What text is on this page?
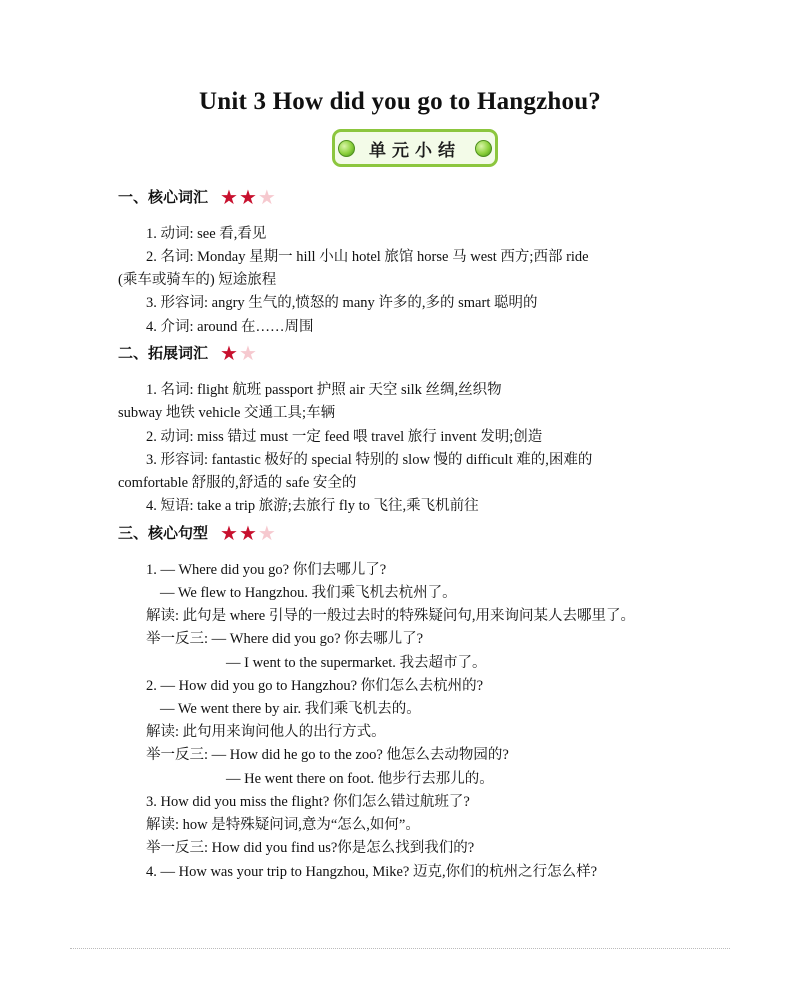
Unit 3 How did you go to Hangzhou?
单元小结
一、核心词汇 ★ ★ ★
1. 动词: see 看,看见
2. 名词: Monday 星期一 hill 小山 hotel 旅馆 horse 马 west 西方;西部 ride
(乘车或骑车的) 短途旅程
3. 形容词: angry 生气的,愤怒的 many 许多的,多的 smart 聪明的
4. 介词: around 在……周围
二、拓展词汇 ★ ★
1. 名词: flight 航班 passport 护照 air 天空 silk 丝绸,丝织物
subway 地铁 vehicle 交通工具;车辆
2. 动词: miss 错过 must 一定 feed 喂 travel 旅行 invent 发明;创造
3. 形容词: fantastic 极好的 special 特别的 slow 慢的 difficult 难的,困难的
comfortable 舒服的,舒适的 safe 安全的
4. 短语: take a trip 旅游;去旅行 fly to 飞往,乘飞机前往
三、核心句型 ★ ★ ★
1. — Where did you go? 你们去哪儿了?
— We flew to Hangzhou. 我们乘飞机去杭州了。
解读: 此句是 where 引导的一般过去时的特殊疑问句,用来询问某人去哪里了。
举一反三: — Where did you go? 你去哪儿了?
— I went to the supermarket. 我去超市了。
2. — How did you go to Hangzhou? 你们怎么去杭州的?
— We went there by air. 我们乘飞机去的。
解读: 此句用来询问他人的出行方式。
举一反三: — How did he go to the zoo? 他怎么去动物园的?
— He went there on foot. 他步行去那儿的。
3. How did you miss the flight? 你们怎么错过航班了?
解读: how 是特殊疑问词,意为“怎么,如何”。
举一反三: How did you find us?你是怎么找到我们的?
4. — How was your trip to Hangzhou, Mike? 迈克,你们的杭州之行怎么样?
